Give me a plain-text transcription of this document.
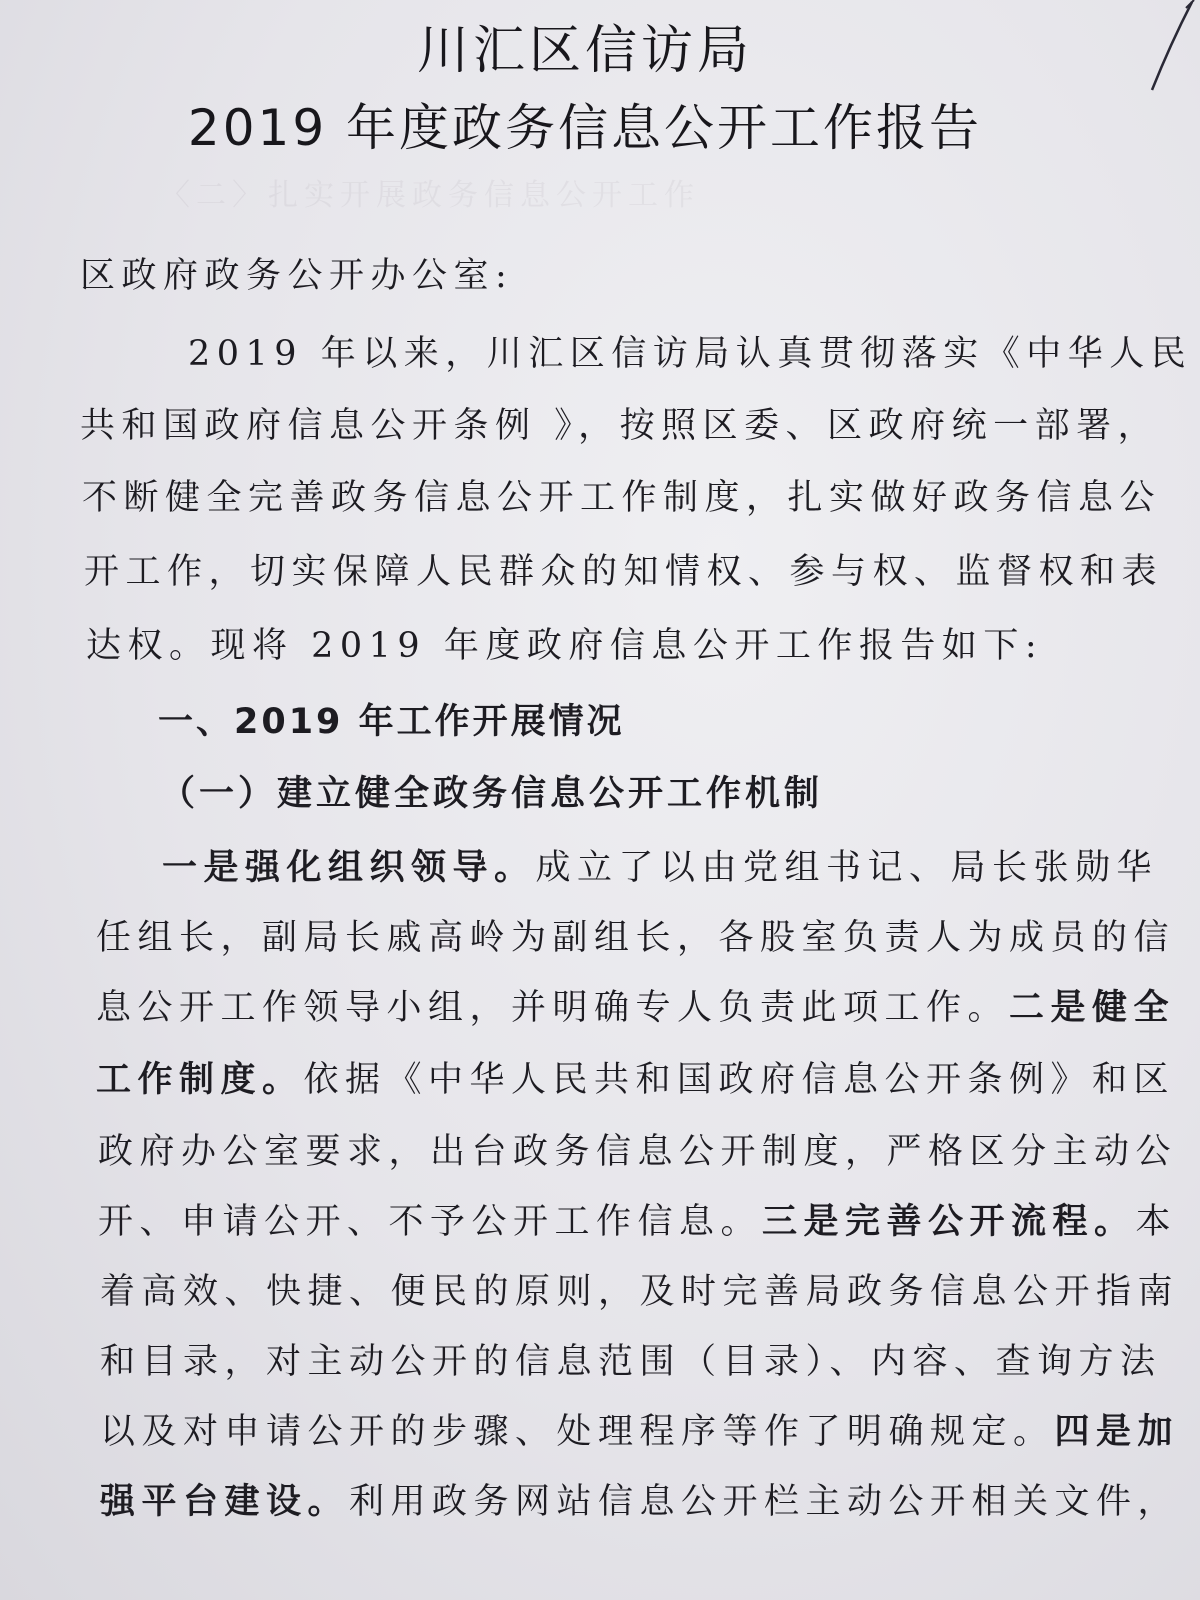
〈二〉扎实开展政务信息公开工作
川汇区信访局
2019 年度政务信息公开工作报告
区政府政务公开办公室:
2019 年以来，川汇区信访局认真贯彻落实《中华人民
共和国政府信息公开条例 》，按照区委、区政府统一部署，
不断健全完善政务信息公开工作制度，扎实做好政务信息公
开工作，切实保障人民群众的知情权、参与权、监督权和表
达权。现将 2019 年度政府信息公开工作报告如下:
一、2019 年工作开展情况
（一）建立健全政务信息公开工作机制
一是强化组织领导。成立了以由党组书记、局长张勋华
任组长，副局长戚高岭为副组长，各股室负责人为成员的信
息公开工作领导小组，并明确专人负责此项工作。二是健全
工作制度。依据《中华人民共和国政府信息公开条例》和区
政府办公室要求，出台政务信息公开制度，严格区分主动公
开、申请公开、不予公开工作信息。三是完善公开流程。本
着高效、快捷、便民的原则，及时完善局政务信息公开指南
和目录，对主动公开的信息范围（目录）、内容、查询方法
以及对申请公开的步骤、处理程序等作了明确规定。四是加
强平台建设。利用政务网站信息公开栏主动公开相关文件，
